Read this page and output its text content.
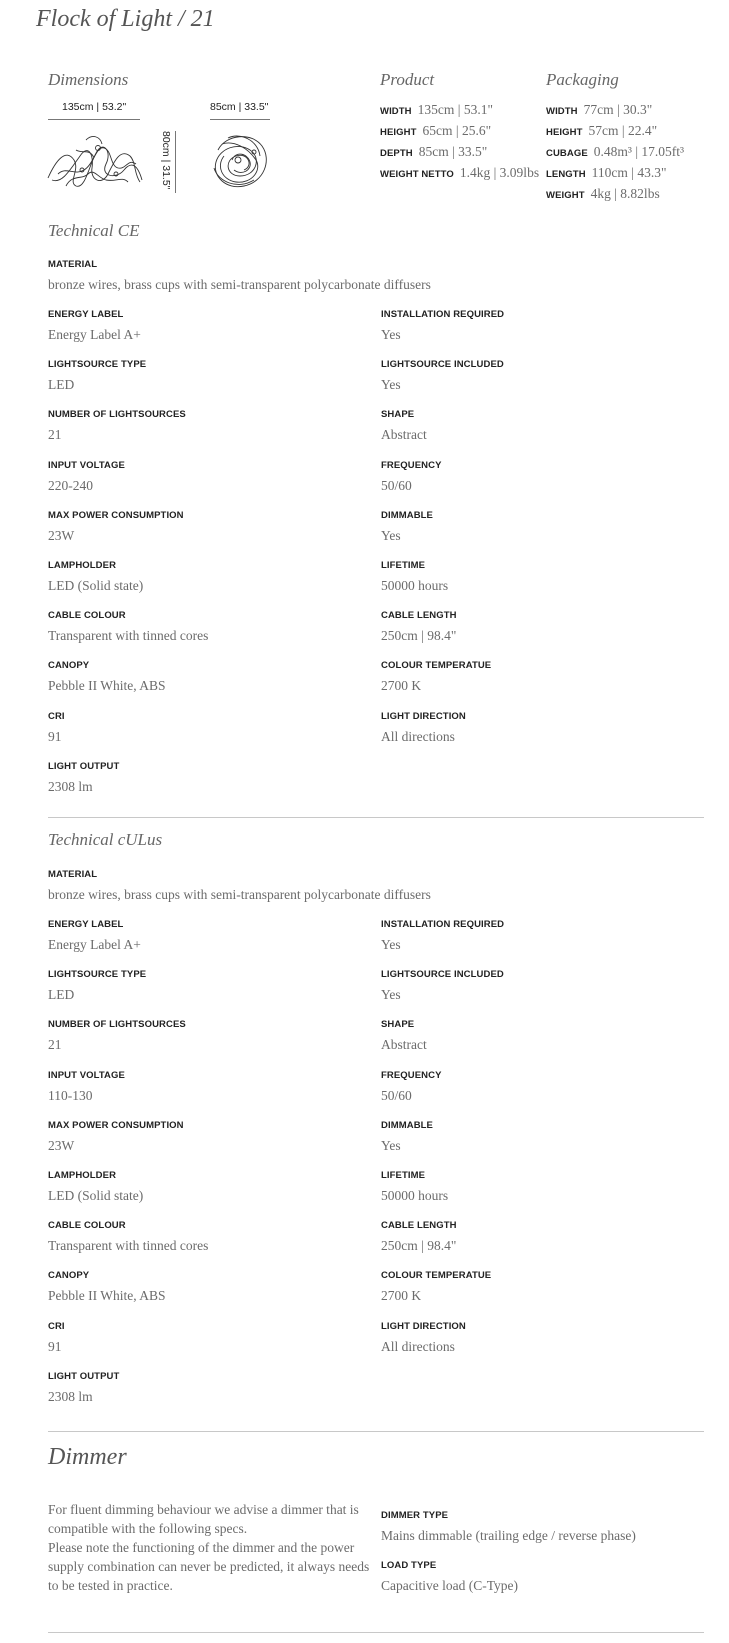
Flock of Light / 21
Dimensions
135cm | 53.2"	85cm | 33.5"
80cm | 31.5"
Product
WIDTH 135cm | 53.1"
HEIGHT 65cm | 25.6"
DEPTH 85cm | 33.5"
WEIGHT NETTO 1.4kg | 3.09lbs
Packaging
WIDTH 77cm | 30.3"
HEIGHT 57cm | 22.4"
CUBAGE 0.48m³ | 17.05ft³
LENGTH 110cm | 43.3"
WEIGHT 4kg | 8.82lbs
Technical CE
MATERIAL
bronze wires, brass cups with semi-transparent polycarbonate diffusers
ENERGY LABEL
Energy Label A+
LIGHTSOURCE TYPE
LED
NUMBER OF LIGHTSOURCES
21
INPUT VOLTAGE
220-240
MAX POWER CONSUMPTION
23W
LAMPHOLDER
LED (Solid state)
CABLE COLOUR
Transparent with tinned cores
CANOPY
Pebble II White, ABS
CRI
91
LIGHT OUTPUT
2308 lm
INSTALLATION REQUIRED
Yes
LIGHTSOURCE INCLUDED
Yes
SHAPE
Abstract
FREQUENCY
50/60
DIMMABLE
Yes
LIFETIME
50000 hours
CABLE LENGTH
250cm | 98.4"
COLOUR TEMPERATUE
2700 K
LIGHT DIRECTION
All directions
Technical cULus
MATERIAL
bronze wires, brass cups with semi-transparent polycarbonate diffusers
ENERGY LABEL
Energy Label A+
LIGHTSOURCE TYPE
LED
NUMBER OF LIGHTSOURCES
21
INPUT VOLTAGE
110-130
MAX POWER CONSUMPTION
23W
LAMPHOLDER
LED (Solid state)
CABLE COLOUR
Transparent with tinned cores
CANOPY
Pebble II White, ABS
CRI
91
LIGHT OUTPUT
2308 lm
INSTALLATION REQUIRED
Yes
LIGHTSOURCE INCLUDED
Yes
SHAPE
Abstract
FREQUENCY
50/60
DIMMABLE
Yes
LIFETIME
50000 hours
CABLE LENGTH
250cm | 98.4"
COLOUR TEMPERATUE
2700 K
LIGHT DIRECTION
All directions
Dimmer
For fluent dimming behaviour we advise a dimmer that is compatible with the following specs.
Please note the functioning of the dimmer and the power supply combination can never be predicted, it always needs to be tested in practice.
DIMMER TYPE
Mains dimmable (trailing edge / reverse phase)
LOAD TYPE
Capacitive load (C-Type)
